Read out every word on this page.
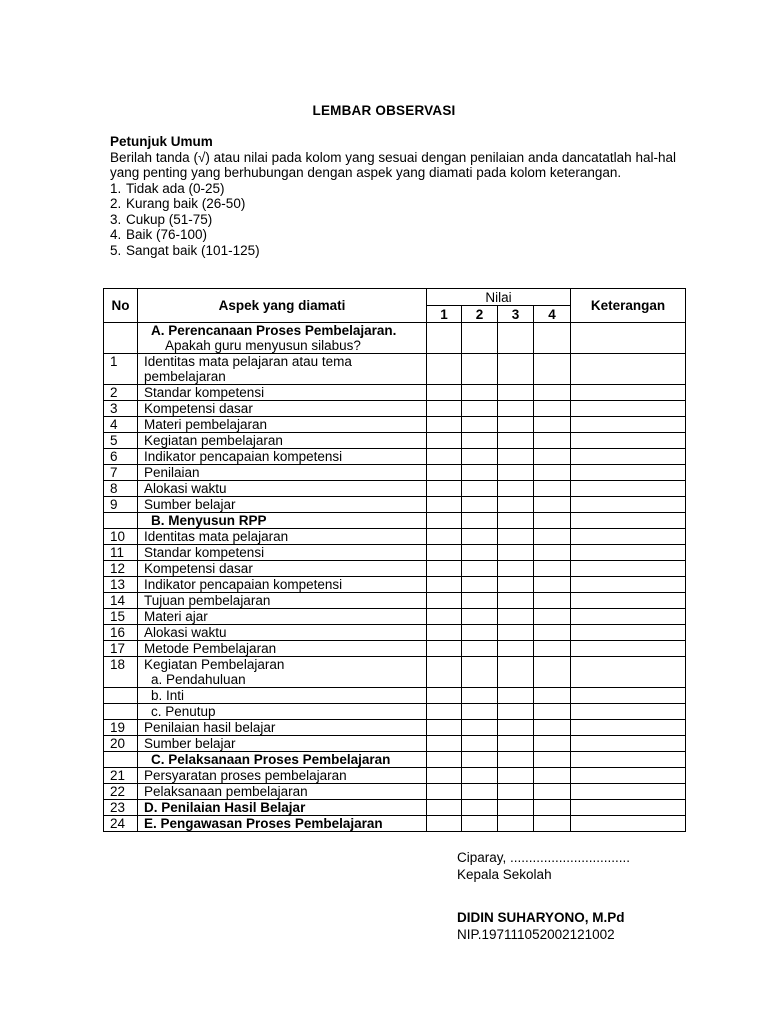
LEMBAR OBSERVASI
Petunjuk Umum
Berilah tanda (√) atau nilai pada kolom yang sesuai dengan penilaian anda dancatatlah hal-hal yang penting yang berhubungan dengan aspek yang diamati pada kolom keterangan.
1. Tidak ada (0-25)
2. Kurang baik (26-50)
3. Cukup (51-75)
4. Baik (76-100)
5. Sangat baik (101-125)
No	Aspek yang diamati	Nilai				Keterangan
		1	2	3	4	

	A. Perencanaan Proses Pembelajaran.
Apakah guru menyusun silabus?					

1	Identitas mata pelajaran atau tema
pembelajaran					

2	Standar kompetensi					

3	Kompetensi dasar					

4	Materi pembelajaran					

5	Kegiatan pembelajaran					

6	Indikator pencapaian kompetensi					

7	Penilaian					

8	Alokasi waktu					

9	Sumber belajar					

	B. Menyusun RPP					

10	Identitas mata pelajaran					

11	Standar kompetensi					

12	Kompetensi dasar					

13	Indikator pencapaian kompetensi					

14	Tujuan pembelajaran					

15	Materi ajar					

16	Alokasi waktu					

17	Metode Pembelajaran					

18	Kegiatan Pembelajaran
a. Pendahuluan					

	b. Inti					

	c. Penutup					

19	Penilaian hasil belajar					

20	Sumber belajar					

	C. Pelaksanaan Proses Pembelajaran					

21	Persyaratan proses pembelajaran					

22	Pelaksanaan pembelajaran					

23	D. Penilaian Hasil Belajar					

24	E. Pengawasan Proses Pembelajaran					

Ciparay, ................................
Kepala Sekolah
DIDIN SUHARYONO, M.Pd
NIP.197111052002121002
